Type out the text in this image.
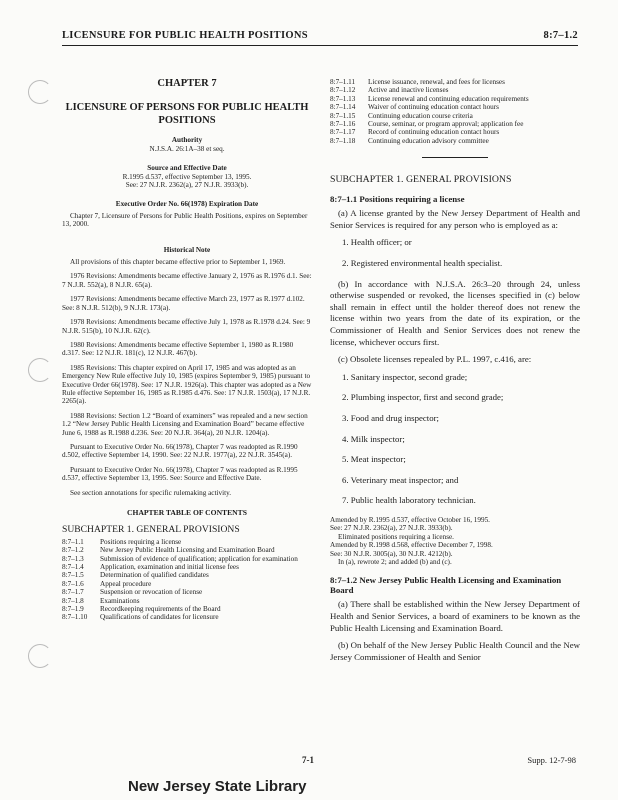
LICENSURE FOR PUBLIC HEALTH POSITIONS	8:7–1.2
CHAPTER 7
LICENSURE OF PERSONS FOR PUBLIC HEALTH POSITIONS
Authority
N.J.S.A. 26:1A–38 et seq.
Source and Effective Date
R.1995 d.537, effective September 13, 1995.
See: 27 N.J.R. 2362(a), 27 N.J.R. 3933(b).
Executive Order No. 66(1978) Expiration Date

Chapter 7, Licensure of Persons for Public Health Positions, expires on September 13, 2000.

Historical Note

All provisions of this chapter became effective prior to September 1, 1969.

1976 Revisions: Amendments became effective January 2, 1976 as R.1976 d.1. See: 7 N.J.R. 552(a), 8 N.J.R. 65(a).

1977 Revisions: Amendments became effective March 23, 1977 as R.1977 d.102. See: 8 N.J.R. 512(b), 9 N.J.R. 173(a).

1978 Revisions: Amendments became effective July 1, 1978 as R.1978 d.24. See: 9 N.J.R. 515(b), 10 N.J.R. 62(c).

1980 Revisions: Amendments became effective September 1, 1980 as R.1980 d.317. See: 12 N.J.R. 181(c), 12 N.J.R. 467(b).

1985 Revisions: This chapter expired on April 17, 1985 and was adopted as an Emergency New Rule effective July 10, 1985 (expires September 9, 1985) pursuant to Executive Order 66(1978). See: 17 N.J.R. 1926(a). This chapter was adopted as a New Rule effective September 16, 1985 as R.1985 d.476. See: 17 N.J.R. 1503(a), 17 N.J.R. 2265(a).

1988 Revisions: Section 1.2 “Board of examiners” was repealed and a new section 1.2 “New Jersey Public Health Licensing and Examination Board” became effective June 6, 1988 as R.1988 d.236. See: 20 N.J.R. 364(a), 20 N.J.R. 1204(a).

Pursuant to Executive Order No. 66(1978), Chapter 7 was readopted as R.1990 d.502, effective September 14, 1990. See: 22 N.J.R. 1977(a), 22 N.J.R. 3545(a).

Pursuant to Executive Order No. 66(1978), Chapter 7 was readopted as R.1995 d.537, effective September 13, 1995. See: Source and Effective Date.

See section annotations for specific rulemaking activity.

CHAPTER TABLE OF CONTENTS
SUBCHAPTER 1. GENERAL PROVISIONS
8:7–1.1	Positions requiring a license
8:7–1.2	New Jersey Public Health Licensing and Examination Board
8:7–1.3	Submission of evidence of qualification; application for examination
8:7–1.4	Application, examination and initial license fees
8:7–1.5	Determination of qualified candidates
8:7–1.6	Appeal procedure
8:7–1.7	Suspension or revocation of license
8:7–1.8	Examinations
8:7–1.9	Recordkeeping requirements of the Board
8:7–1.10	Qualifications of candidates for licensure
8:7–1.11	License issuance, renewal, and fees for licenses
8:7–1.12	Active and inactive licenses
8:7–1.13	License renewal and continuing education requirements
8:7–1.14	Waiver of continuing education contact hours
8:7–1.15	Continuing education course criteria
8:7–1.16	Course, seminar, or program approval; application fee
8:7–1.17	Record of continuing education contact hours
8:7–1.18	Continuing education advisory committee
SUBCHAPTER 1. GENERAL PROVISIONS
8:7–1.1 Positions requiring a license

(a) A license granted by the New Jersey Department of Health and Senior Services is required for any person who is employed as a:

1. Health officer; or
2. Registered environmental health specialist.

(b) In accordance with N.J.S.A. 26:3–20 through 24, unless otherwise suspended or revoked, the licenses specified in (c) below shall remain in effect until the holder thereof does not renew the license within two years from the date of its expiration, or the Commissioner of Health and Senior Services does not renew the license, whichever occurs first.

(c) Obsolete licenses repealed by P.L. 1997, c.416, are:

1. Sanitary inspector, second grade;
2. Plumbing inspector, first and second grade;
3. Food and drug inspector;
4. Milk inspector;
5. Meat inspector;
6. Veterinary meat inspector; and
7. Public health laboratory technician.
Amended by R.1995 d.537, effective October 16, 1995.
See: 27 N.J.R. 2362(a), 27 N.J.R. 3933(b).
Eliminated positions requiring a license.
Amended by R.1998 d.568, effective December 7, 1998.
See: 30 N.J.R. 3005(a), 30 N.J.R. 4212(b).
In (a), rewrote 2; and added (b) and (c).
8:7–1.2 New Jersey Public Health Licensing and Examination Board

(a) There shall be established within the New Jersey Department of Health and Senior Services, a board of examiners to be known as the Public Health Licensing and Examination Board.

(b) On behalf of the New Jersey Public Health Council and the New Jersey Commissioner of Health and Senior

7-1	Supp. 12-7-98
New Jersey State Library
